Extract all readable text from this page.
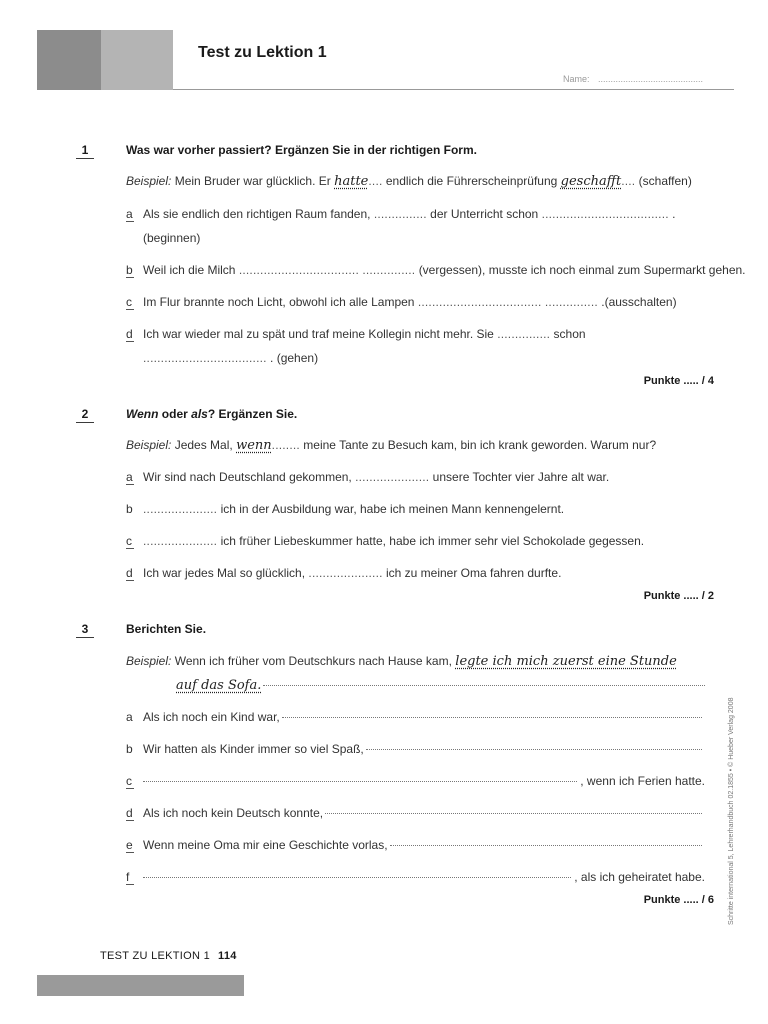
Test zu Lektion 1
Name: ..........................................
1	Was war vorher passiert? Ergänzen Sie in der richtigen Form.
Beispiel: Mein Bruder war glücklich. Er hatte.... endlich die Führerscheinprüfung geschafft.... (schaffen)
a Als sie endlich den richtigen Raum fanden, ............... der Unterricht schon .................................... .
(beginnen)
b Weil ich die Milch .................................. ............... (vergessen), musste ich noch einmal zum Supermarkt gehen.
c Im Flur brannte noch Licht, obwohl ich alle Lampen ................................... ............... .(ausschalten)
d Ich war wieder mal zu spät und traf meine Kollegin nicht mehr. Sie ............... schon
................................... . (gehen)
Punkte ..... / 4
2	Wenn oder als? Ergänzen Sie.
Beispiel: Jedes Mal, wenn........ meine Tante zu Besuch kam, bin ich krank geworden. Warum nur?
a Wir sind nach Deutschland gekommen, ..................... unsere Tochter vier Jahre alt war.
b ..................... ich in der Ausbildung war, habe ich meinen Mann kennengelernt.
c ..................... ich früher Liebeskummer hatte, habe ich immer sehr viel Schokolade gegessen.
d Ich war jedes Mal so glücklich, ..................... ich zu meiner Oma fahren durfte.
Punkte ..... / 2
3	Berichten Sie.
Beispiel: Wenn ich früher vom Deutschkurs nach Hause kam, legte ich mich zuerst eine Stunde
auf das Sofa.
a Als ich noch ein Kind war,
b Wir hatten als Kinder immer so viel Spaß,
c	, wenn ich Ferien hatte.
d Als ich noch kein Deutsch konnte,
e Wenn meine Oma mir eine Geschichte vorlas,
f	, als ich geheiratet habe.
Punkte ..... / 6 Schritte international 5, Lehrerhandbuch 02.1855 • © Hueber Verlag 2008
TEST ZU LEKTION 1 114
